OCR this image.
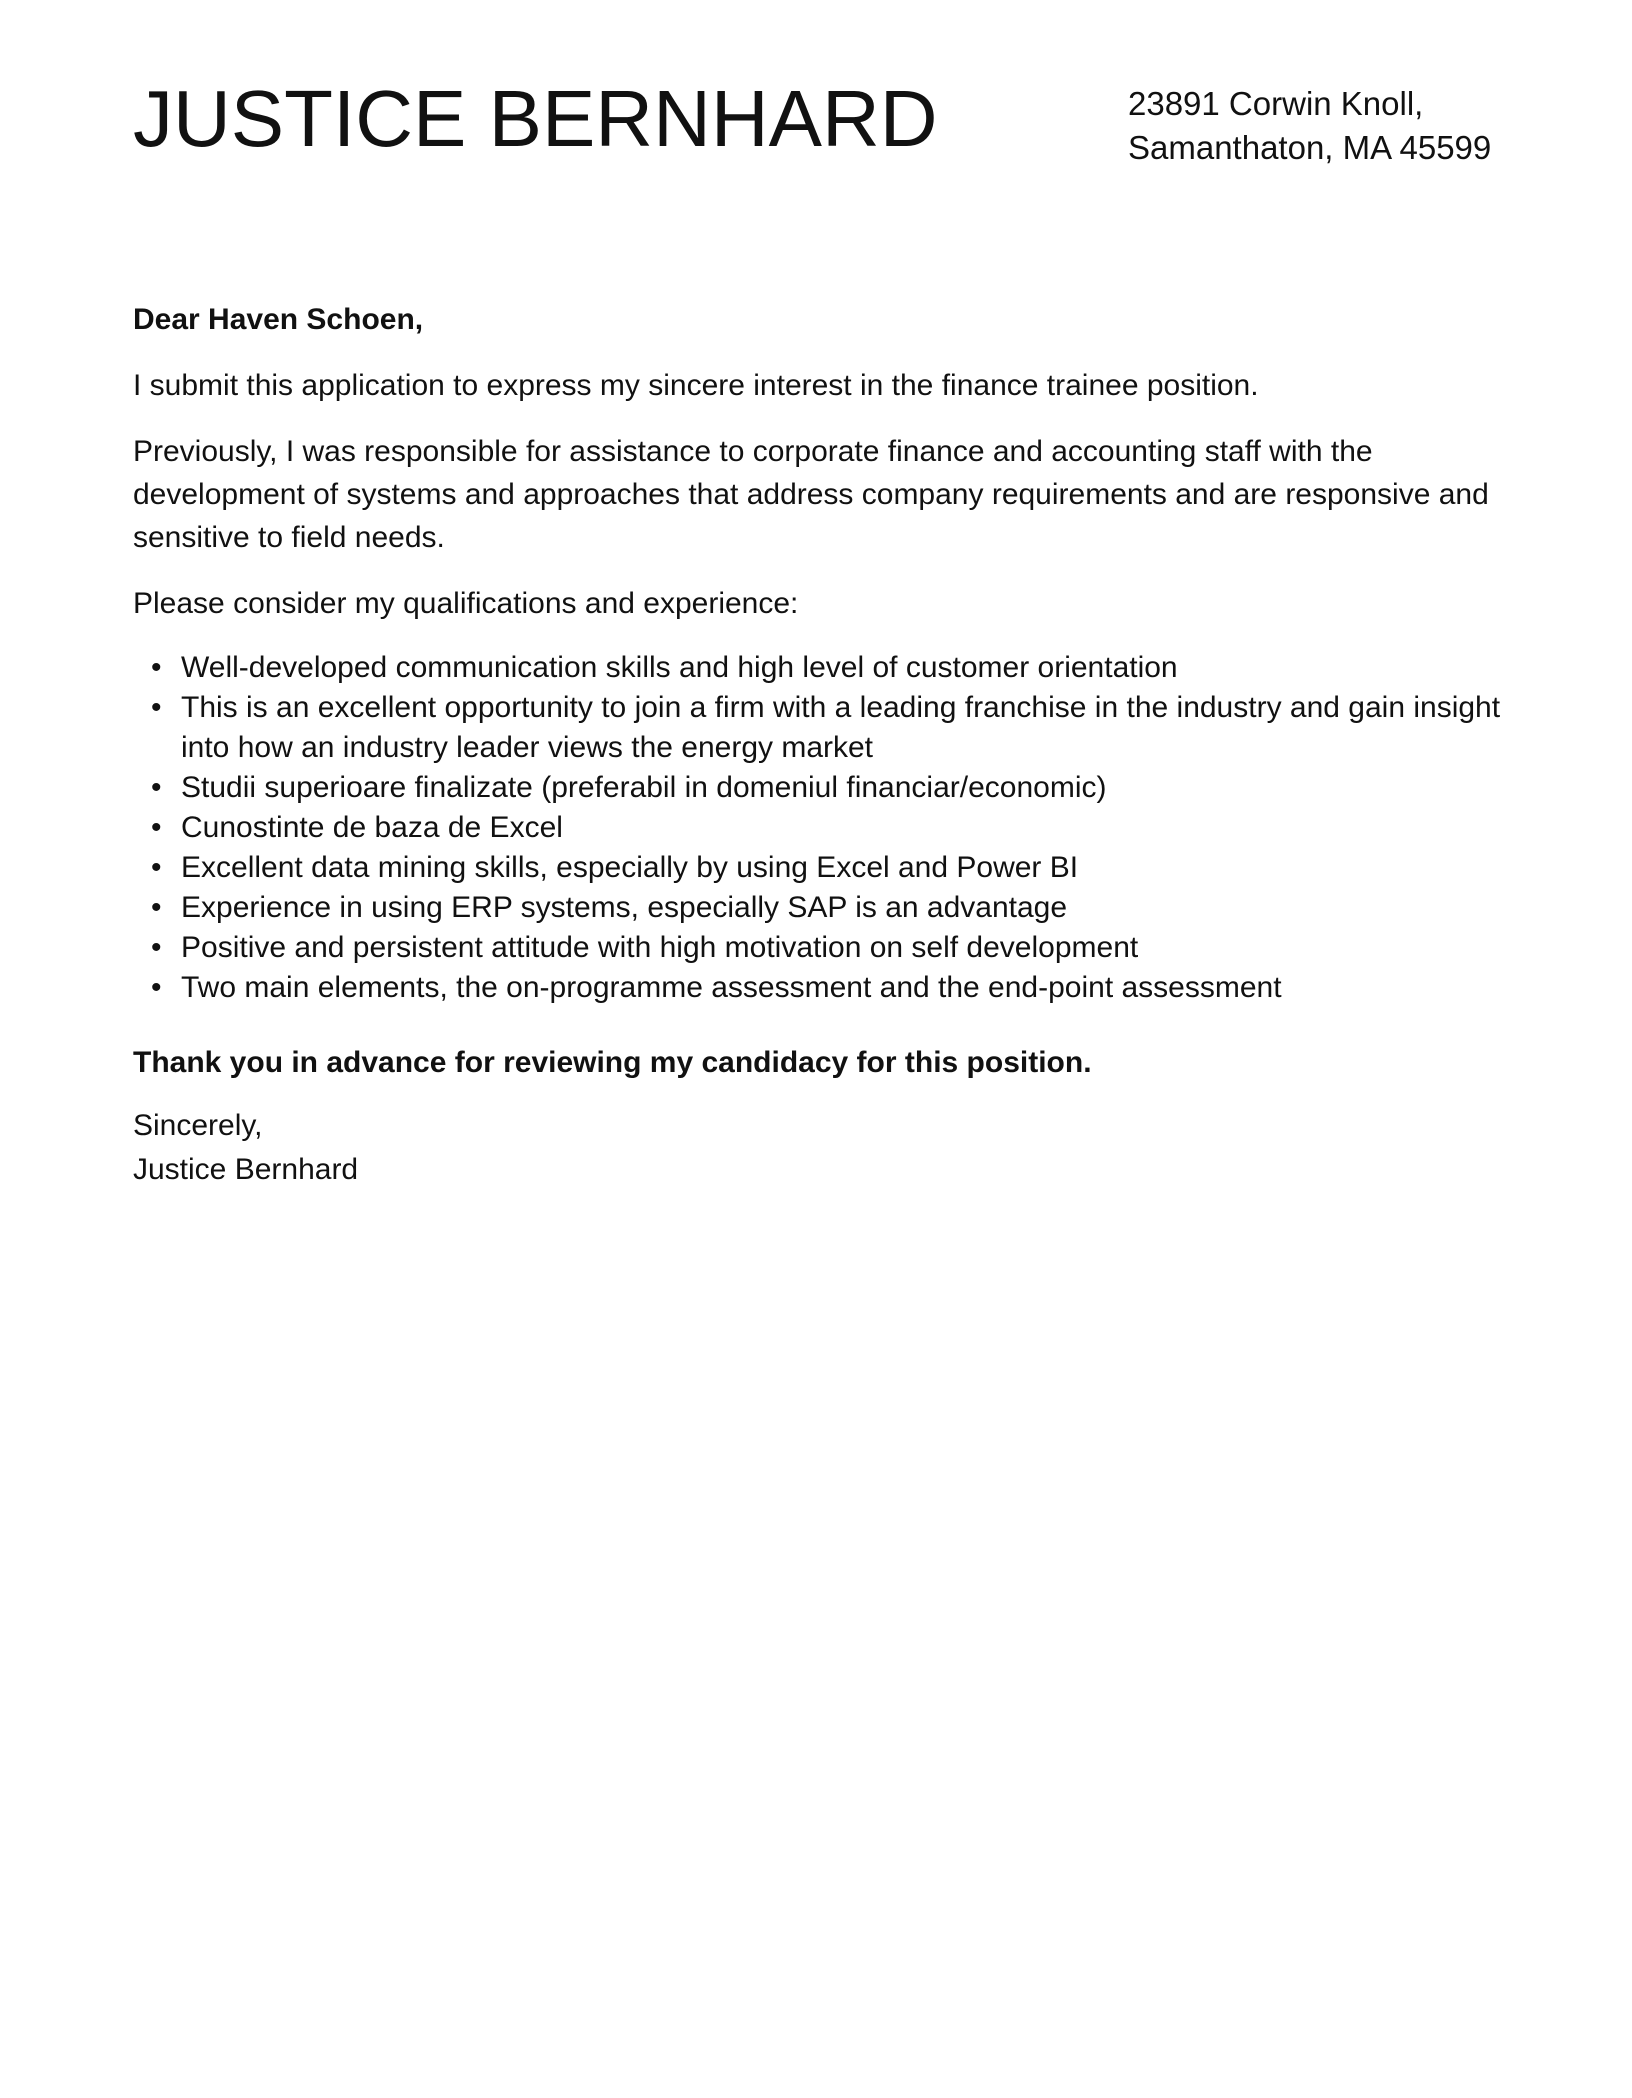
JUSTICE BERNHARD	23891 Corwin Knoll,
Samanthaton, MA 45599

Dear Haven Schoen,

I submit this application to express my sincere interest in the finance trainee position.

Previously, I was responsible for assistance to corporate finance and accounting staff with the development of systems and approaches that address company requirements and are responsive and sensitive to field needs.

Please consider my qualifications and experience:

• Well-developed communication skills and high level of customer orientation
• This is an excellent opportunity to join a firm with a leading franchise in the industry and gain insight into how an industry leader views the energy market
• Studii superioare finalizate (preferabil in domeniul financiar/economic)
• Cunostinte de baza de Excel
• Excellent data mining skills, especially by using Excel and Power BI
• Experience in using ERP systems, especially SAP is an advantage
• Positive and persistent attitude with high motivation on self development
• Two main elements, the on-programme assessment and the end-point assessment

Thank you in advance for reviewing my candidacy for this position.

Sincerely,
Justice Bernhard
